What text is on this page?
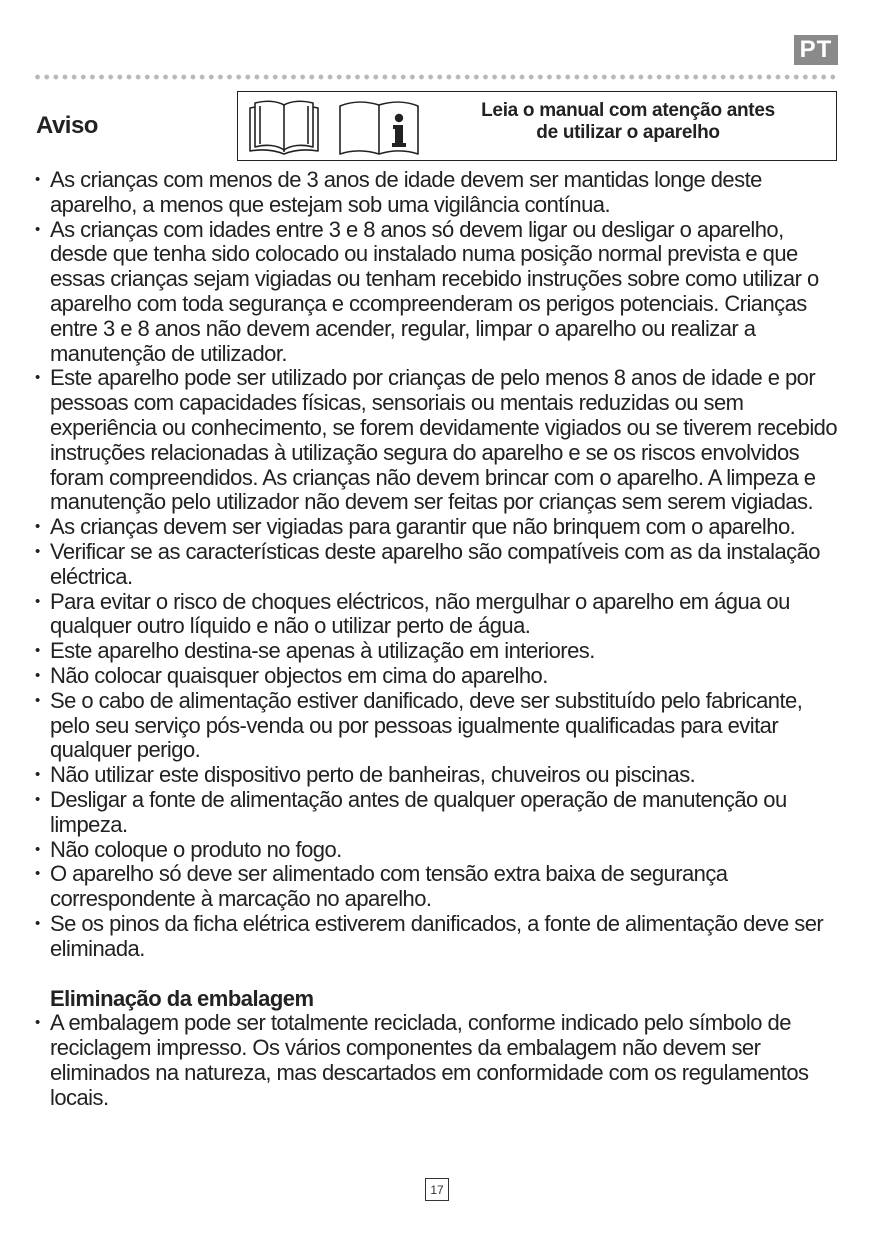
PT
Aviso
Leia o manual com atenção antes
de utilizar o aparelho
• As crianças com menos de 3 anos de idade devem ser mantidas longe deste aparelho, a menos que estejam sob uma vigilância contínua.
• As crianças com idades entre 3 e 8 anos só devem ligar ou desligar o aparelho, desde que tenha sido colocado ou instalado numa posição normal prevista e que essas crianças sejam vigiadas ou tenham recebido instruções sobre como utilizar o aparelho com toda segurança e ccompreenderam os perigos potenciais. Crianças entre 3 e 8 anos não devem acender, regular, limpar o aparelho ou realizar a manutenção de utilizador.
• Este aparelho pode ser utilizado por crianças de pelo menos 8 anos de idade e por pessoas com capacidades físicas, sensoriais ou mentais reduzidas ou sem experiência ou conhecimento, se forem devidamente vigiados ou se tiverem recebido instruções relacionadas à utilização segura do aparelho e se os riscos envolvidos foram compreendidos. As crianças não devem brincar com o aparelho. A limpeza e manutenção pelo utilizador não devem ser feitas por crianças sem serem vigiadas.
• As crianças devem ser vigiadas para garantir que não brinquem com o aparelho.
• Verificar se as características deste aparelho são compatíveis com as da instalação eléctrica.
• Para evitar o risco de choques eléctricos, não mergulhar o aparelho em água ou qualquer outro líquido e não o utilizar perto de água.
• Este aparelho destina-se apenas à utilização em interiores.
• Não colocar quaisquer objectos em cima do aparelho.
• Se o cabo de alimentação estiver danificado, deve ser substituído pelo fabricante, pelo seu serviço pós-venda ou por pessoas igualmente qualificadas para evitar qualquer perigo.
• Não utilizar este dispositivo perto de banheiras, chuveiros ou piscinas.
• Desligar a fonte de alimentação antes de qualquer operação de manutenção ou limpeza.
• Não coloque o produto no fogo.
• O aparelho só deve ser alimentado com tensão extra baixa de segurança correspondente à marcação no aparelho.
• Se os pinos da ficha elétrica estiverem danificados, a fonte de alimentação deve ser eliminada.
Eliminação da embalagem
• A embalagem pode ser totalmente reciclada, conforme indicado pelo símbolo de reciclagem impresso. Os vários componentes da embalagem não devem ser eliminados na natureza, mas descartados em conformidade com os regulamentos locais.
17
